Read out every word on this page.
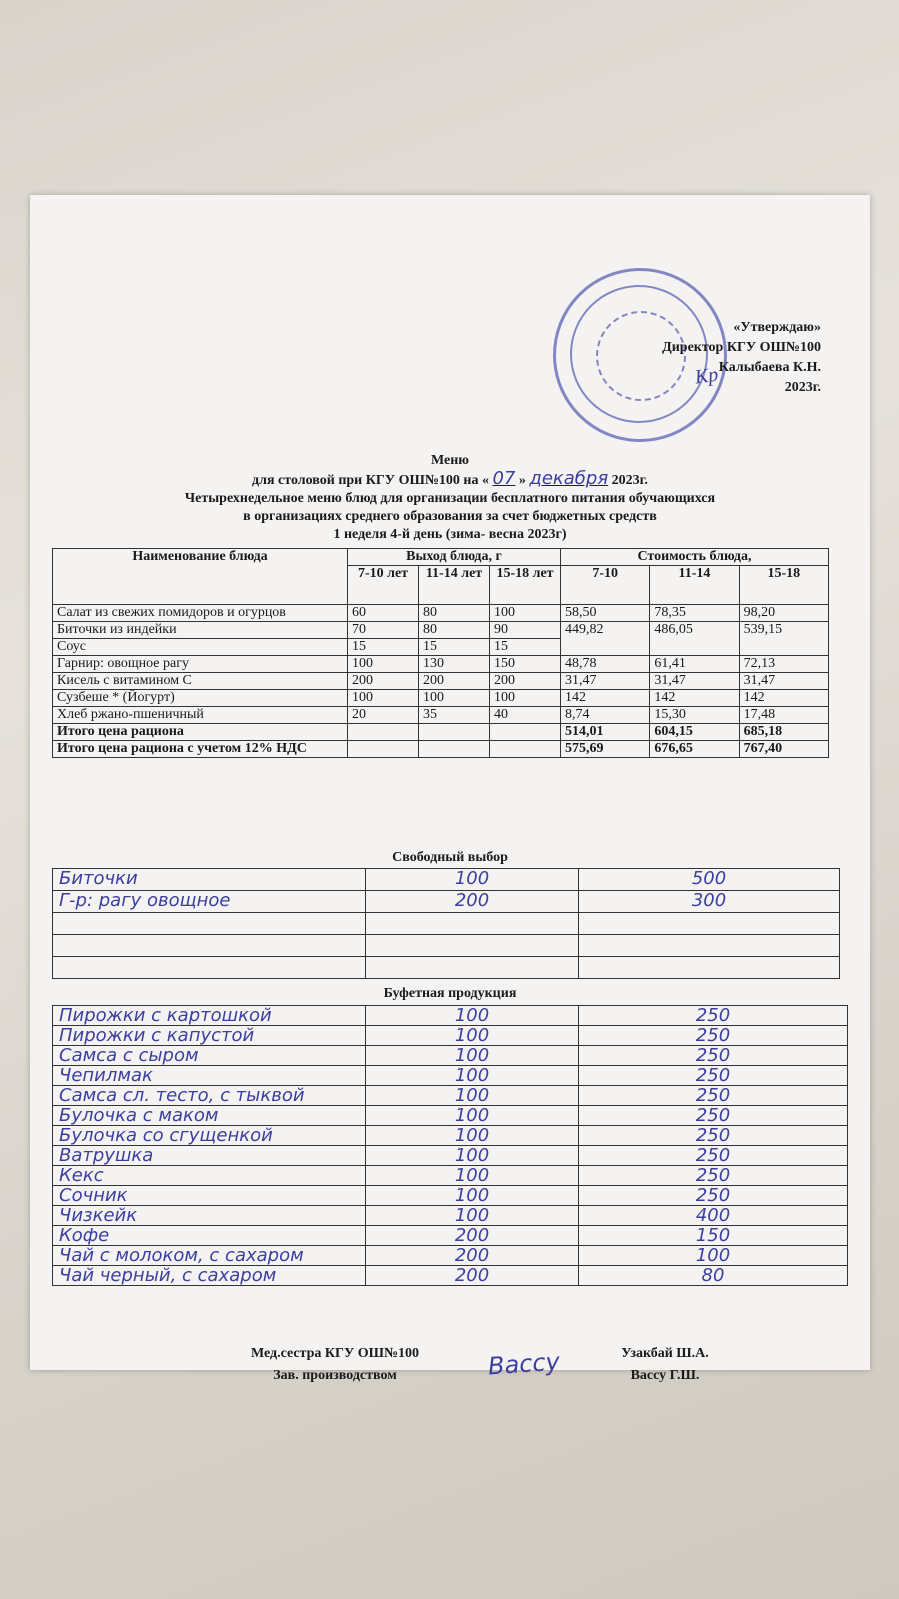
«Утверждаю»
Директор КГУ ОШ№100
Калыбаева К.Н.
2023г.
Кр
Меню
для столовой при КГУ ОШ№100 на « 07 » декабря 2023г.
Четырехнедельное меню блюд для организации бесплатного питания обучающихся
в организациях среднего образования за счет бюджетных средств
1 неделя 4-й день (зима- весна 2023г)
Наименование блюда	Выход блюда, г			Стоимость блюда,		
	7-10 лет	11-14 лет	15-18 лет	7-10	11-14	15-18
Салат из свежих помидоров и огурцов	60	80	100	58,50	78,35	98,20
Биточки из индейки	70	80	90	449,82	486,05	539,15
Соус	15	15	15			
Гарнир: овощное рагу	100	130	150	48,78	61,41	72,13
Кисель с витамином С	200	200	200	31,47	31,47	31,47
Сузбеше * (Йогурт)	100	100	100	142	142	142
Хлеб ржано-пшеничный	20	35	40	8,74	15,30	17,48
Итого цена рациона				514,01	604,15	685,18
Итого цена рациона с учетом 12% НДС				575,69	676,65	767,40
Свободный выбор
Биточки	100	500
Г-р: рагу овощное	200	300

Буфетная продукция
Пирожки с картошкой	100	250
Пирожки с капустой	100	250
Самса с сыром	100	250
Чепилмак	100	250
Самса сл. тесто, с тыквой	100	250
Булочка с маком	100	250
Булочка со сгущенкой	100	250
Ватрушка	100	250
Кекс	100	250
Сочник	100	250
Чизкейк	100	400
Кофе	200	150
Чай с молоком, с сахаром	200	100
Чай черный, с сахаром	200	80
Мед.сестра КГУ ОШ№100
Зав. производством	Вассу	Узакбай Ш.А.
Вассу Г.Ш.
